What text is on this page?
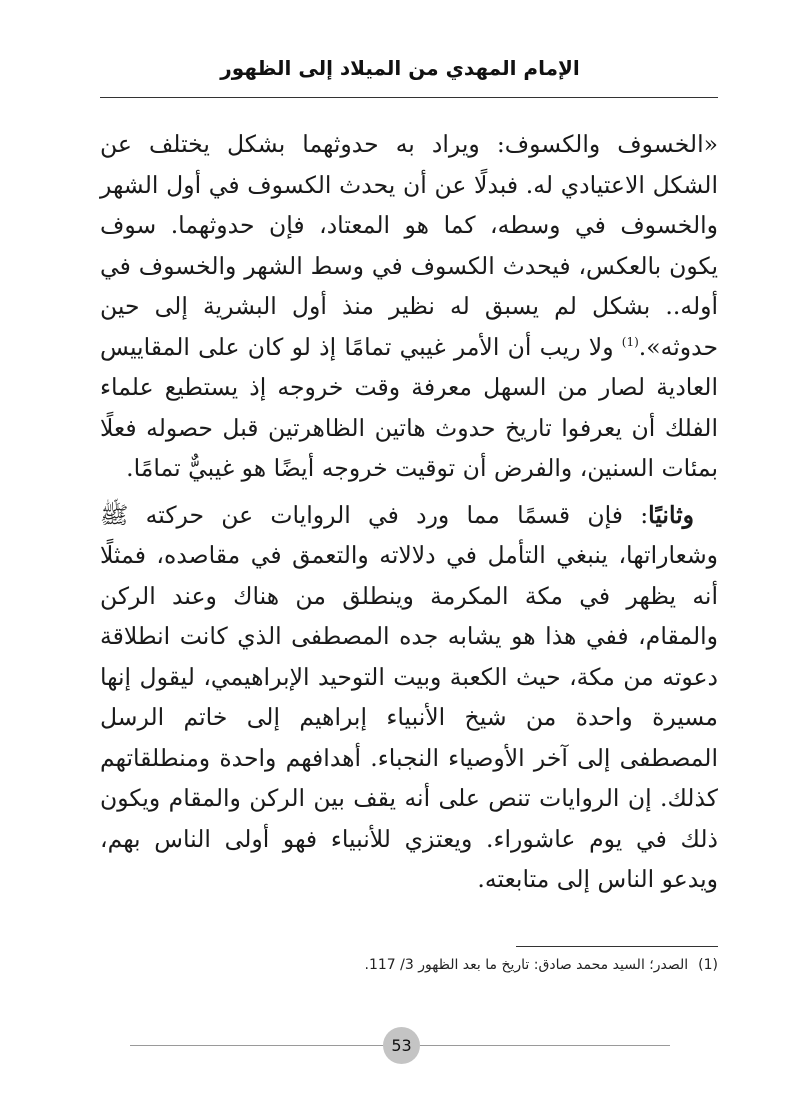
الإمام المهدي من الميلاد إلى الظهور

«الخسوف والكسوف: ويراد به حدوثهما بشكل يختلف عن الشكل الاعتيادي له. فبدلًا عن أن يحدث الكسوف في أول الشهر والخسوف في وسطه، كما هو المعتاد، فإن حدوثهما. سوف يكون بالعكس، فيحدث الكسوف في وسط الشهر والخسوف في أوله.. بشكل لم يسبق له نظير منذ أول البشرية إلى حين حدوثه».$^{(1)}$ ولا ريب أن الأمر غيبي تمامًا إذ لو كان على المقاييس العادية لصار من السهل معرفة وقت خروجه إذ يستطيع علماء الفلك أن يعرفوا تاريخ حدوث هاتين الظاهرتين قبل حصوله فعلًا بمئات السنين، والفرض أن توقيت خروجه أيضًا هو غيبيٌّ تمامًا.

وثانيًا: فإن قسمًا مما ورد في الروايات عن حركته ﷺ وشعاراتها، ينبغي التأمل في دلالاته والتعمق في مقاصده، فمثلًا أنه يظهر في مكة المكرمة وينطلق من هناك وعند الركن والمقام، ففي هذا هو يشابه جده المصطفى الذي كانت انطلاقة دعوته من مكة، حيث الكعبة وبيت التوحيد الإبراهيمي، ليقول إنها مسيرة واحدة من شيخ الأنبياء إبراهيم إلى خاتم الرسل المصطفى إلى آخر الأوصياء النجباء. أهدافهم واحدة ومنطلقاتهم كذلك. إن الروايات تنص على أنه يقف بين الركن والمقام ويكون ذلك في يوم عاشوراء. ويعتزي للأنبياء فهو أولى الناس بهم، ويدعو الناس إلى متابعته.

(1)الصدر؛ السيد محمد صادق: تاريخ ما بعد الظهور 3/ 117.
53
